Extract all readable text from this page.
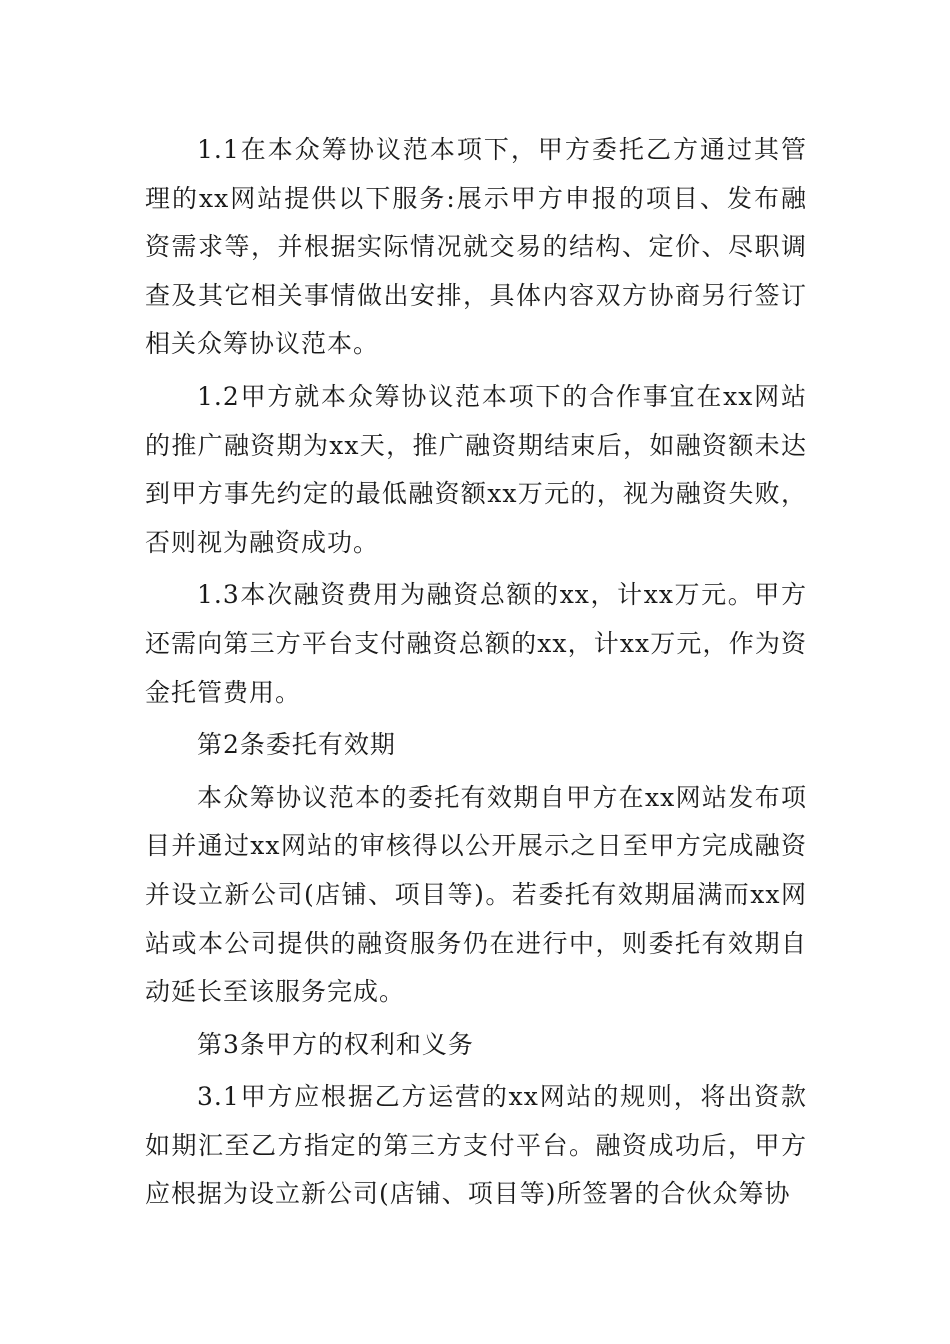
1.1在本众筹协议范本项下，甲方委托乙方通过其管理的xx网站提供以下服务:展示甲方申报的项目、发布融资需求等，并根据实际情况就交易的结构、定价、尽职调查及其它相关事情做出安排，具体内容双方协商另行签订相关众筹协议范本。

1.2甲方就本众筹协议范本项下的合作事宜在xx网站的推广融资期为xx天，推广融资期结束后，如融资额未达到甲方事先约定的最低融资额xx万元的，视为融资失败，否则视为融资成功。

1.3本次融资费用为融资总额的xx，计xx万元。甲方还需向第三方平台支付融资总额的xx，计xx万元，作为资金托管费用。

第2条委托有效期

本众筹协议范本的委托有效期自甲方在xx网站发布项目并通过xx网站的审核得以公开展示之日至甲方完成融资并设立新公司(店铺、项目等)。若委托有效期届满而xx网站或本公司提供的融资服务仍在进行中，则委托有效期自动延长至该服务完成。

第3条甲方的权利和义务

3.1甲方应根据乙方运营的xx网站的规则，将出资款如期汇至乙方指定的第三方支付平台。融资成功后，甲方应根据为设立新公司(店铺、项目等)所签署的合伙众筹协
